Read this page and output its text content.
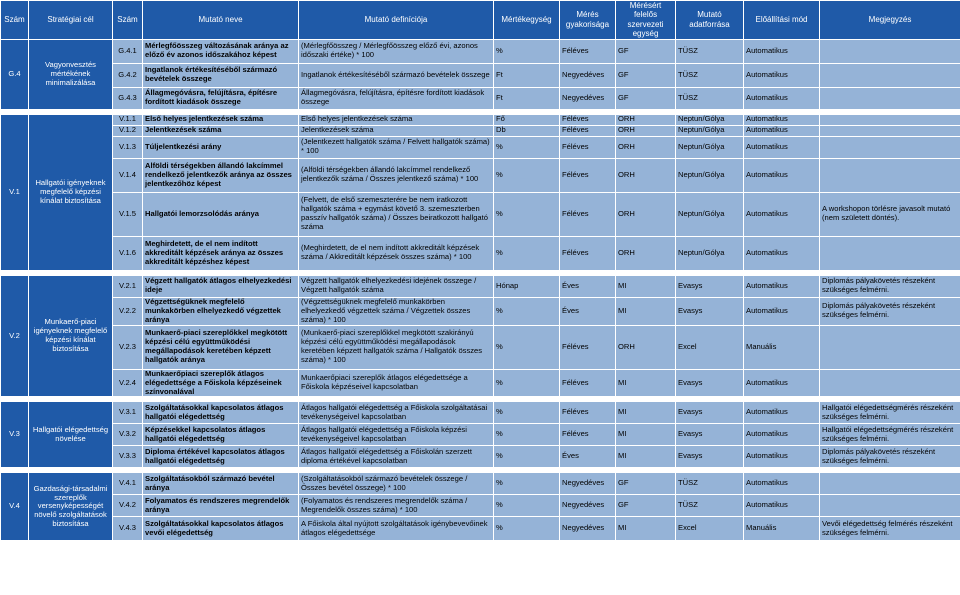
Szám	Stratégiai cél	Szám	Mutató neve	Mutató definíciója	Mértékegység	Mérés gyakorisága	Mérésért felelős szervezeti egység	Mutató adatforrása	Előállítási mód	Megjegyzés
G.4	Vagyonvesztés mértékének minimalizálása	G.4.1	Mérlegfőösszeg változásának aránya az előző év azonos időszakához képest	(Mérlegfőösszeg / Mérlegfőösszeg előző évi, azonos időszaki értéke) * 100	%	Féléves	GF	TÜSZ	Automatikus	
		G.4.2	Ingatlanok értékesítéséből származó bevételek összege	Ingatlanok értékesítéséből származó bevételek összege	Ft	Negyedéves	GF	TÜSZ	Automatikus	
		G.4.3	Állagmegóvásra, felújításra, építésre fordított kiadások összege	Állagmegóvásra, felújításra, építésre fordított kiadások összege	Ft	Negyedéves	GF	TÜSZ	Automatikus	

V.1	Hallgatói igényeknek megfelelő képzési kínálat biztosítása	V.1.1	Első helyes jelentkezések száma	Első helyes jelentkezések száma	Fő	Féléves	ORH	Neptun/Gólya	Automatikus	
		V.1.2	Jelentkezések száma	Jelentkezések száma	Db	Féléves	ORH	Neptun/Gólya	Automatikus	
		V.1.3	Túljelentkezési arány	(Jelentkezett hallgatók száma / Felvett hallgatók száma) * 100	%	Féléves	ORH	Neptun/Gólya	Automatikus	
		V.1.4	Alföldi térségekben állandó lakcímmel rendelkező jelentkezők aránya az összes jelentkezőhöz képest	(Alföldi térségekben állandó lakcímmel rendelkező jelentkezők száma / Összes jelentkező száma) * 100	%	Féléves	ORH	Neptun/Gólya	Automatikus	
		V.1.5	Hallgatói lemorzsolódás aránya	(Felvett, de első szemeszterére be nem iratkozott hallgatók száma + egymást követő 3. szemeszterben passzív hallgatók száma) / Összes beiratkozott hallgató száma	%	Féléves	ORH	Neptun/Gólya	Automatikus	A workshopon törlésre javasolt mutató (nem született döntés).
		V.1.6	Meghirdetett, de el nem indított akkreditált képzések aránya az összes akkreditált képzéshez képest	(Meghirdetett, de el nem indított akkreditált képzések száma / Akkreditált képzések összes száma) * 100	%	Féléves	ORH	Neptun/Gólya	Automatikus	

V.2	Munkaerő-piaci igényeknek megfelelő képzési kínálat biztosítása	V.2.1	Végzett hallgatók átlagos elhelyezkedési ideje	Végzett hallgatók elhelyezkedési idejének összege / Végzett hallgatók száma	Hónap	Éves	MI	Evasys	Automatikus	Diplomás pályakövetés részeként szükséges felmérni.
		V.2.2	Végzettségüknek megfelelő munkakörben elhelyezkedő végzettek aránya	(Végzettségüknek megfelelő munkakörben elhelyezkedő végzettek száma / Végzettek összes száma) * 100	%	Éves	MI	Evasys	Automatikus	Diplomás pályakövetés részeként szükséges felmérni.
		V.2.3	Munkaerő-piaci szereplőkkel megkötött képzési célú együttműködési megállapodások keretében képzett hallgatók aránya	(Munkaerő-piaci szereplőkkel megkötött szakirányú képzési célú együttműködési megállapodások keretében képzett hallgatók száma / Hallgatók összes száma) * 100	%	Féléves	ORH	Excel	Manuális	
		V.2.4	Munkaerőpiaci szereplők átlagos elégedettsége a Főiskola képzéseinek színvonalával	Munkaerőpiaci szereplők átlagos elégedettsége a Főiskola képzéseivel kapcsolatban	%	Féléves	MI	Evasys	Automatikus	

V.3	Hallgatói elégedettség növelése	V.3.1	Szolgáltatásokkal kapcsolatos átlagos hallgatói elégedettség	Átlagos hallgatói elégedettség a Főiskola szolgáltatásai tevékenységeivel kapcsolatban	%	Féléves	MI	Evasys	Automatikus	Hallgatói elégedettségmérés részeként szükséges felmérni.
		V.3.2	Képzésekkel kapcsolatos átlagos hallgatói elégedettség	Átlagos hallgatói elégedettség a Főiskola képzési tevékenységeivel kapcsolatban	%	Féléves	MI	Evasys	Automatikus	Hallgatói elégedettségmérés részeként szükséges felmérni.
		V.3.3	Diploma értékével kapcsolatos átlagos hallgatói elégedettség	Átlagos hallgatói elégedettség a Főiskolán szerzett diploma értékével kapcsolatban	%	Éves	MI	Evasys	Automatikus	Diplomás pályakövetés részeként szükséges felmérni.

V.4	Gazdasági-társadalmi szereplők versenyképességét növelő szolgáltatások biztosítása	V.4.1	Szolgáltatásokból származó bevétel aránya	(Szolgáltatásokból származó bevételek összege / Összes bevétel összege) * 100	%	Negyedéves	GF	TÜSZ	Automatikus	
		V.4.2	Folyamatos és rendszeres megrendelők aránya	(Folyamatos és rendszeres megrendelők száma / Megrendelők összes száma) * 100	%	Negyedéves	GF	TÜSZ	Automatikus	
		V.4.3	Szolgáltatásokkal kapcsolatos átlagos vevői elégedettség	A Főiskola által nyújtott szolgáltatások igénybevevőinek átlagos elégedettsége	%	Negyedéves	MI	Excel	Manuális	Vevői elégedettség felmérés részeként szükséges felmérni.
